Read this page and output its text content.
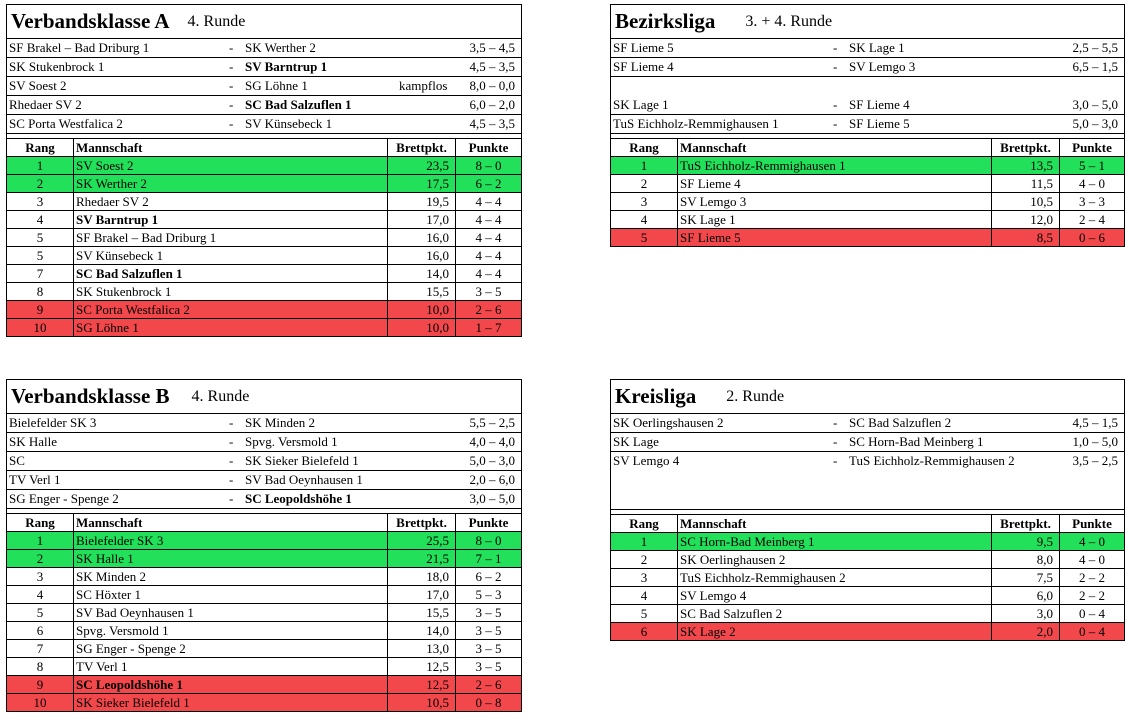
Verbandsklasse A 4. Runde
SF Brakel – Bad Driburg 1	- SK Werther 2	3,5 – 4,5
SK Stukenbrock 1	- SV Barntrup 1	4,5 – 3,5
SV Soest 2	- SG Löhne 1	kampflos 8,0 – 0,0
Rhedaer SV 2	- SC Bad Salzuflen 1	6,0 – 2,0
SC Porta Westfalica 2	- SV Künsebeck 1	4,5 – 3,5
Rang	Mannschaft	Brettpkt.	Punkte
1	SV Soest 2	23,5	8 – 0
2	SK Werther 2	17,5	6 – 2
3	Rhedaer SV 2	19,5	4 – 4
4	SV Barntrup 1	17,0	4 – 4
5	SF Brakel – Bad Driburg 1	16,0	4 – 4
5	SV Künsebeck 1	16,0	4 – 4
7	SC Bad Salzuflen 1	14,0	4 – 4
8	SK Stukenbrock 1	15,5	3 – 5
9	SC Porta Westfalica 2	10,0	2 – 6
10	SG Löhne 1	10,0	1 – 7
Bezirksliga 3. + 4. Runde
SF Lieme 5	- SK Lage 1	2,5 – 5,5
SF Lieme 4	- SV Lemgo 3	6,5 – 1,5
SK Lage 1	- SF Lieme 4	3,0 – 5,0
TuS Eichholz-Remmighausen 1	- SF Lieme 5	5,0 – 3,0
Rang	Mannschaft	Brettpkt.	Punkte
1	TuS Eichholz-Remmighausen 1	13,5	5 – 1
2	SF Lieme 4	11,5	4 – 0
3	SV Lemgo 3	10,5	3 – 3
4	SK Lage 1	12,0	2 – 4
5	SF Lieme 5	8,5	0 – 6
Verbandsklasse B 4. Runde
Bielefelder SK 3	- SK Minden 2	5,5 – 2,5
SK Halle	- Spvg. Versmold 1	4,0 – 4,0
SC	- SK Sieker Bielefeld 1	5,0 – 3,0
TV Verl 1	- SV Bad Oeynhausen 1	2,0 – 6,0
SG Enger - Spenge 2	- SC Leopoldshöhe 1	3,0 – 5,0
Rang	Mannschaft	Brettpkt.	Punkte
1	Bielefelder SK 3	25,5	8 – 0
2	SK Halle 1	21,5	7 – 1
3	SK Minden 2	18,0	6 – 2
4	SC Höxter 1	17,0	5 – 3
5	SV Bad Oeynhausen 1	15,5	3 – 5
6	Spvg. Versmold 1	14,0	3 – 5
7	SG Enger - Spenge 2	13,0	3 – 5
8	TV Verl 1	12,5	3 – 5
9	SC Leopoldshöhe 1	12,5	2 – 6
10	SK Sieker Bielefeld 1	10,5	0 – 8
Kreisliga 2. Runde
SK Oerlingshausen 2	- SC Bad Salzuflen 2	4,5 – 1,5
SK Lage	- SC Horn-Bad Meinberg 1	1,0 – 5,0
SV Lemgo 4	- TuS Eichholz-Remmighausen 2	3,5 – 2,5
Rang	Mannschaft	Brettpkt.	Punkte
1	SC Horn-Bad Meinberg 1	9,5	4 – 0
2	SK Oerlinghausen 2	8,0	4 – 0
3	TuS Eichholz-Remmighausen 2	7,5	2 – 2
4	SV Lemgo 4	6,0	2 – 2
5	SC Bad Salzuflen 2	3,0	0 – 4
6	SK Lage 2	2,0	0 – 4
